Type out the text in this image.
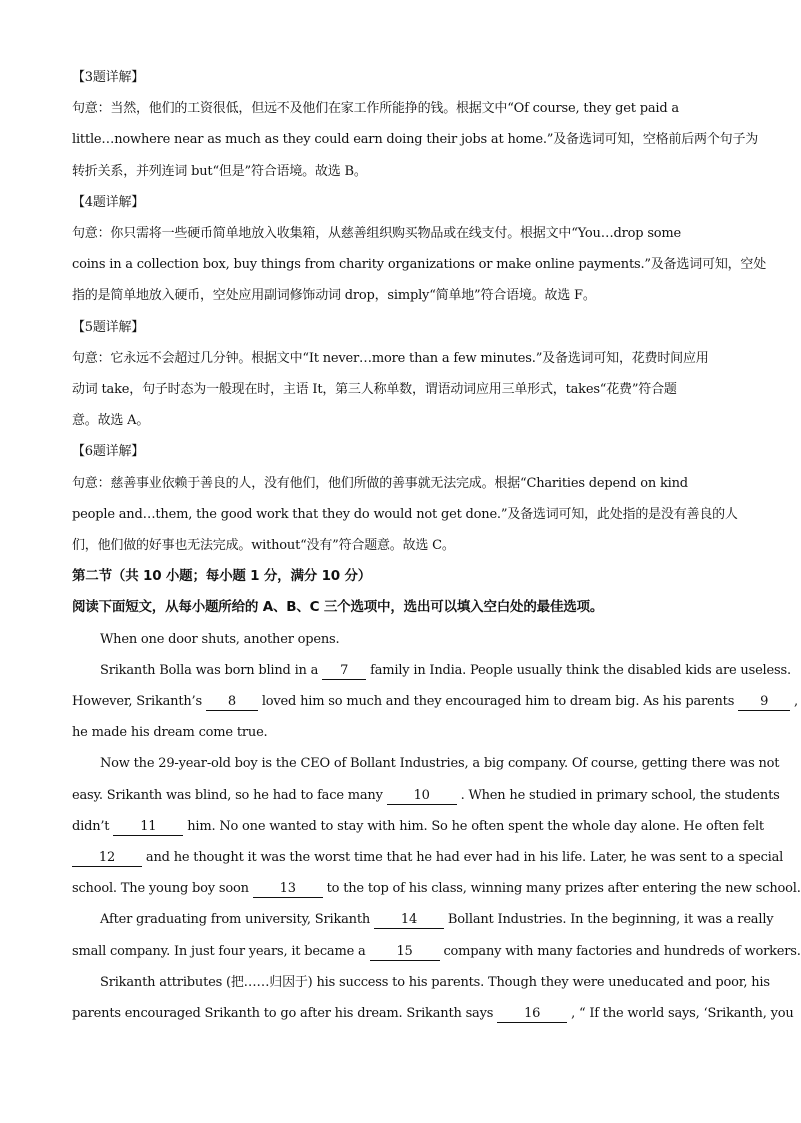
【3题详解】
句意：当然，他们的工资很低，但远不及他们在家工作所能挣的钱。根据文中“Of course, they get paid a
little…nowhere near as much as they could earn doing their jobs at home.”及备选词可知，空格前后两个句子为
转折关系，并列连词 but“但是”符合语境。故选 B。
【4题详解】
句意：你只需将一些硬币简单地放入收集箱，从慈善组织购买物品或在线支付。根据文中“You…drop some
coins in a collection box, buy things from charity organizations or make online payments.”及备选词可知，空处
指的是简单地放入硬币，空处应用副词修饰动词 drop，simply“简单地”符合语境。故选 F。
【5题详解】
句意：它永远不会超过几分钟。根据文中“It never…more than a few minutes.”及备选词可知，花费时间应用
动词 take，句子时态为一般现在时，主语 It，第三人称单数，谓语动词应用三单形式，takes“花费”符合题
意。故选 A。
【6题详解】
句意：慈善事业依赖于善良的人，没有他们，他们所做的善事就无法完成。根据“Charities depend on kind
people and…them, the good work that they do would not get done.”及备选词可知，此处指的是没有善良的人
们，他们做的好事也无法完成。without“没有”符合题意。故选 C。
第二节（共 10 小题；每小题 1 分，满分 10 分）
阅读下面短文，从每小题所给的 A、B、C 三个选项中，选出可以填入空白处的最佳选项。
When one door shuts, another opens.
Srikanth Bolla was born blind in a 7 family in India. People usually think the disabled kids are useless.
However, Srikanth’s 8 loved him so much and they encouraged him to dream big. As his parents 9 ,
he made his dream come true.
Now the 29-year-old boy is the CEO of Bollant Industries, a big company. Of course, getting there was not
easy. Srikanth was blind, so he had to face many 10 . When he studied in primary school, the students
didn’t 11 him. No one wanted to stay with him. So he often spent the whole day alone. He often felt
12 and he thought it was the worst time that he had ever had in his life. Later, he was sent to a special
school. The young boy soon 13 to the top of his class, winning many prizes after entering the new school.
After graduating from university, Srikanth 14 Bollant Industries. In the beginning, it was a really
small company. In just four years, it became a 15 company with many factories and hundreds of workers.
Srikanth attributes (把……归因于) his success to his parents. Though they were uneducated and poor, his
parents encouraged Srikanth to go after his dream. Srikanth says 16 , “ If the world says, ‘Srikanth, you
